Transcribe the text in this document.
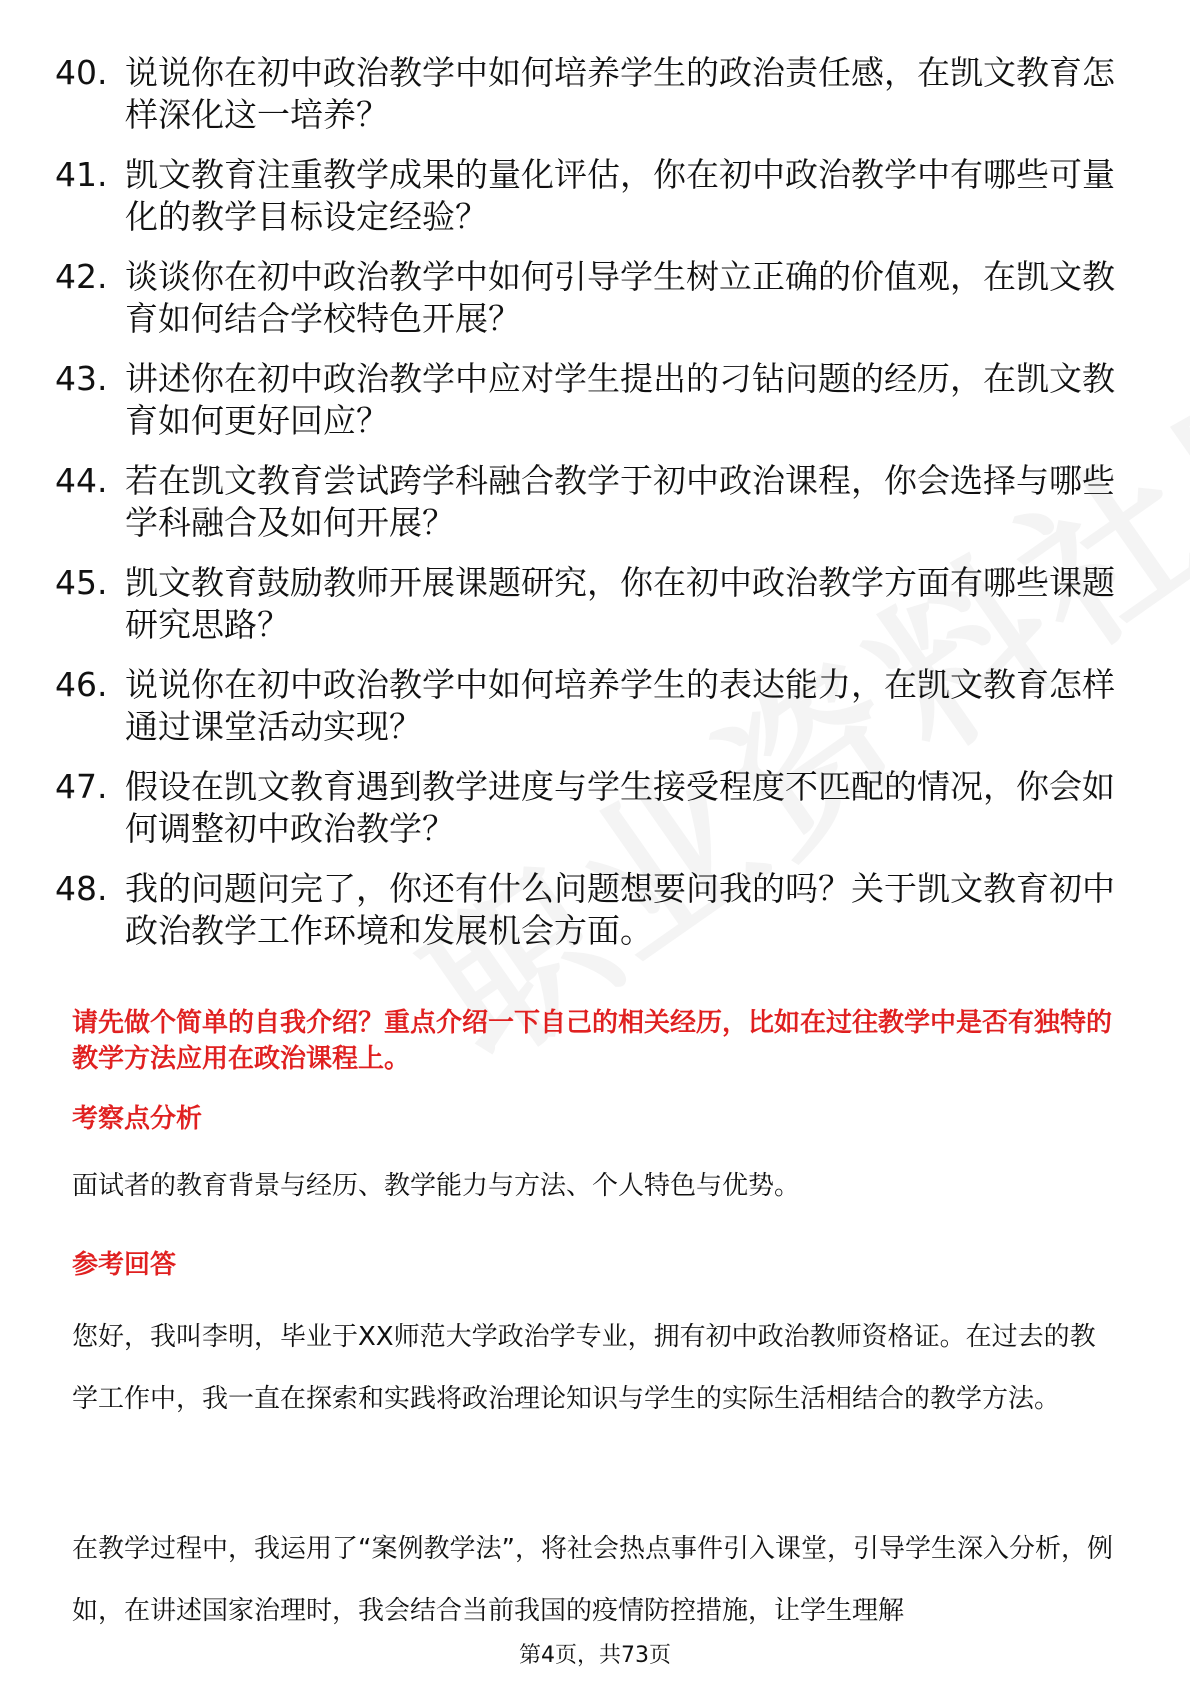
40. 说说你在初中政治教学中如何培养学生的政治责任感，在凯文教育怎样深化这一培养？
41. 凯文教育注重教学成果的量化评估，你在初中政治教学中有哪些可量化的教学目标设定经验？
42. 谈谈你在初中政治教学中如何引导学生树立正确的价值观，在凯文教育如何结合学校特色开展？
43. 讲述你在初中政治教学中应对学生提出的刁钻问题的经历，在凯文教育如何更好回应？
44. 若在凯文教育尝试跨学科融合教学于初中政治课程，你会选择与哪些学科融合及如何开展？
45. 凯文教育鼓励教师开展课题研究，你在初中政治教学方面有哪些课题研究思路？
46. 说说你在初中政治教学中如何培养学生的表达能力，在凯文教育怎样通过课堂活动实现？
47. 假设在凯文教育遇到教学进度与学生接受程度不匹配的情况，你会如何调整初中政治教学？
48. 我的问题问完了，你还有什么问题想要问我的吗？关于凯文教育初中政治教学工作环境和发展机会方面。
请先做个简单的自我介绍？重点介绍一下自己的相关经历，比如在过往教学中是否有独特的教学方法应用在政治课程上。
考察点分析
面试者的教育背景与经历、教学能力与方法、个人特色与优势。
参考回答
您好，我叫李明，毕业于XX师范大学政治学专业，拥有初中政治教师资格证。在过去的教学工作中，我一直在探索和实践将政治理论知识与学生的实际生活相结合的教学方法。
在教学过程中，我运用了“案例教学法”，将社会热点事件引入课堂，引导学生深入分析，例如，在讲述国家治理时，我会结合当前我国的疫情防控措施，让学生理解
第4页，共73页
